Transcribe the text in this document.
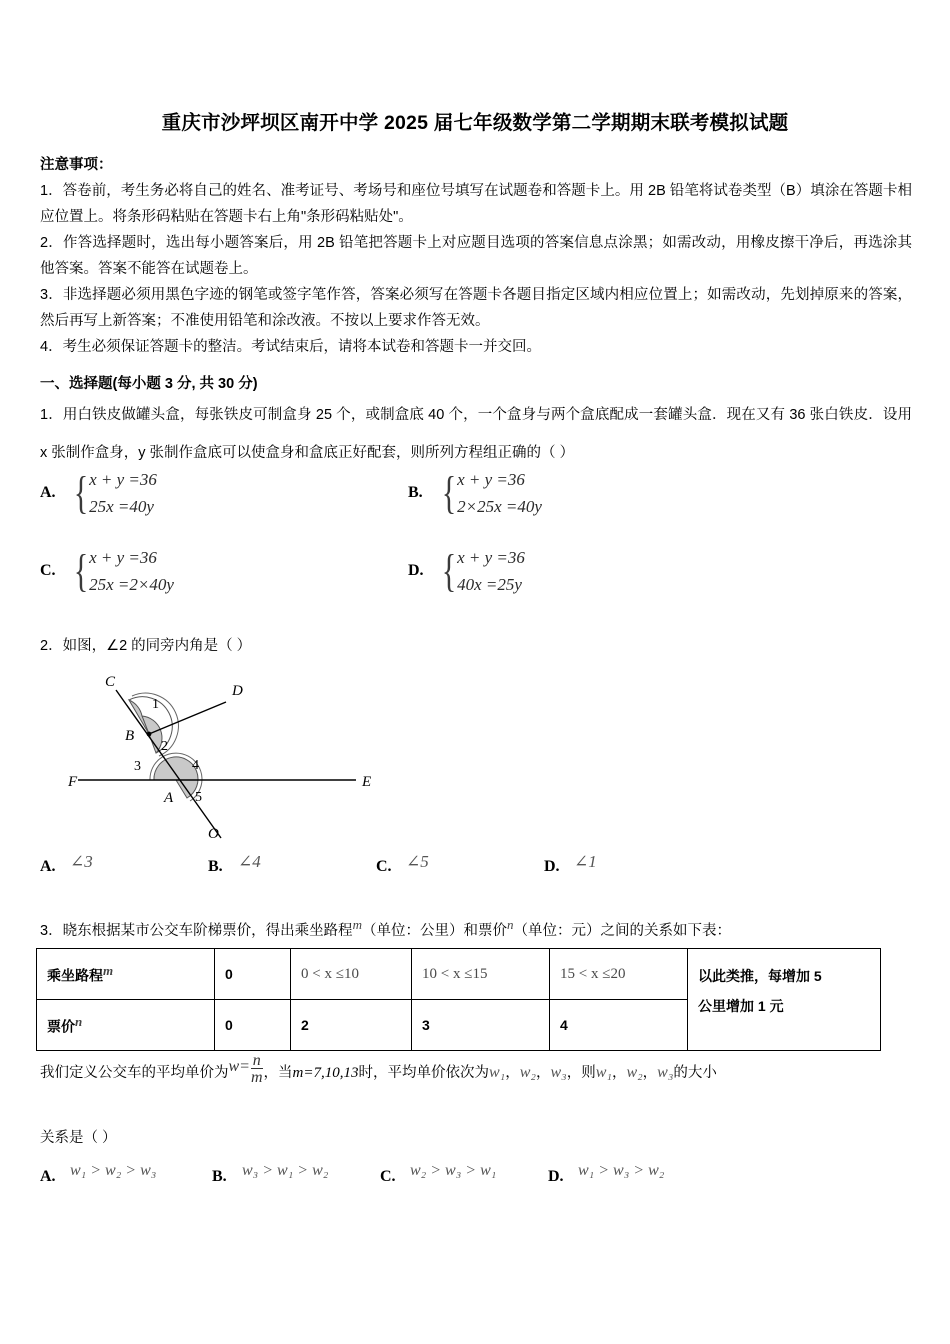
重庆市沙坪坝区南开中学 2025 届七年级数学第二学期期末联考模拟试题
注意事项：
1．答卷前，考生务必将自己的姓名、准考证号、考场号和座位号填写在试题卷和答题卡上。用 2B 铅笔将试卷类型（B）填涂在答题卡相应位置上。将条形码粘贴在答题卡右上角"条形码粘贴处"。
2．作答选择题时，选出每小题答案后，用 2B 铅笔把答题卡上对应题目选项的答案信息点涂黑；如需改动，用橡皮擦干净后，再选涂其他答案。答案不能答在试题卷上。
3．非选择题必须用黑色字迹的钢笔或签字笔作答，答案必须写在答题卡各题目指定区域内相应位置上；如需改动，先划掉原来的答案，然后再写上新答案；不准使用铅笔和涂改液。不按以上要求作答无效。
4．考生必须保证答题卡的整洁。考试结束后，请将本试卷和答题卡一并交回。
一、选择题(每小题 3 分, 共 30 分)
1．用白铁皮做罐头盒，每张铁皮可制盒身 25 个，或制盒底 40 个，一个盒身与两个盒底配成一套罐头盒．现在又有 36 张白铁皮．设用 x 张制作盒身，y 张制作盒底可以使盒身和盒底正好配套，则所列方程组正确的（ ）
A. { x + y =36
25x =40y
B. { x + y =36
2×25x =40y
C. { x + y =36
25x =2×40y
D. { x + y =36
40x =25y
2．如图，∠2 的同旁内角是（ ）
C
D
B
F	E
A
O
1
2
3	4
5
A. ∠3	B. ∠4	C. ∠5	D. ∠1
3．晓东根据某市公交车阶梯票价，得出乘坐路程m（单位：公里）和票价n（单位：元）之间的关系如下表：
乘坐路程m	0	0 < x ≤10	10 < x ≤15	15 < x ≤20	以此类推，每增加 5
公里增加 1 元

票价n	0	2	3	4	
我们定义公交车的平均单价为 $w = \frac{n}{m}$ ，当 m =7,10,13 时，平均单价依次为 w₁ ， w₂ ， w₃ ， 则 w₁ ， w₂ ， w₃ 的大小
关系是（ ）
A. w₁ > w₂ > w₃	B. w₃ > w₁ > w₂	C. w₂ > w₃ > w₁	D. w₁ > w₃ > w₂
